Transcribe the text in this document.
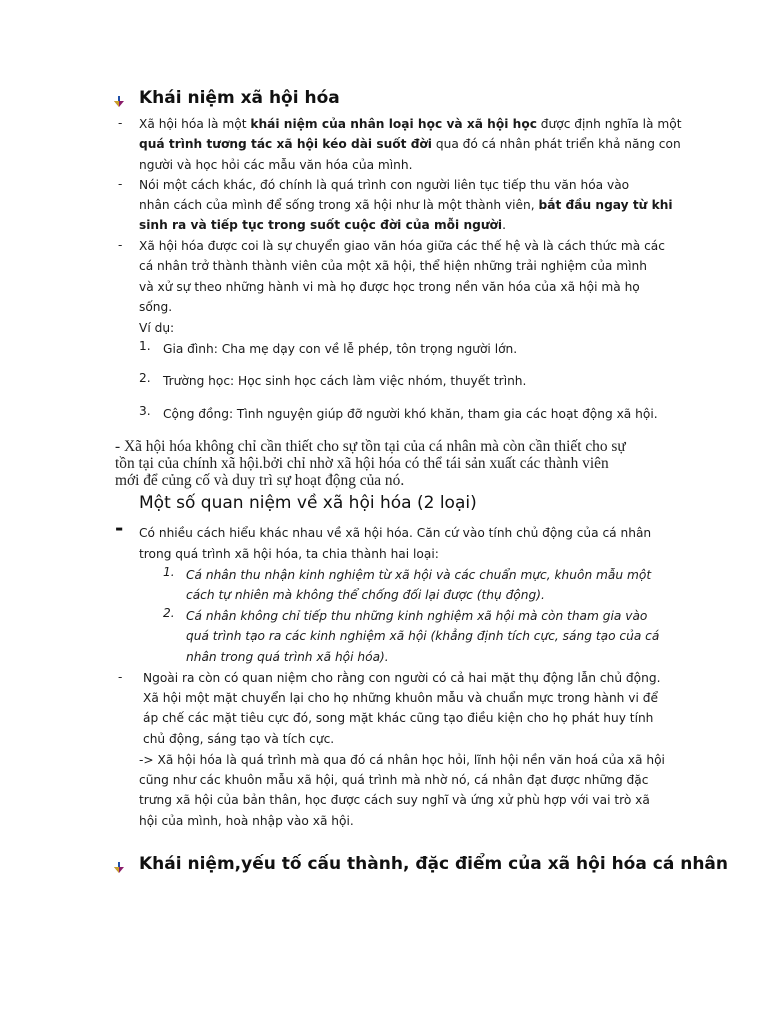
Khái niệm xã hội hóa
- Xã hội hóa là một khái niệm của nhân loại học và xã hội học được định nghĩa là một
quá trình tương tác xã hội kéo dài suốt đời qua đó cá nhân phát triển khả năng con
người và học hỏi các mẫu văn hóa của mình.
- Nói một cách khác, đó chính là quá trình con người liên tục tiếp thu văn hóa vào
nhân cách của mình để sống trong xã hội như là một thành viên, bắt đầu ngay từ khi
sinh ra và tiếp tục trong suốt cuộc đời của mỗi người.
- Xã hội hóa được coi là sự chuyển giao văn hóa giữa các thế hệ và là cách thức mà các
cá nhân trở thành thành viên của một xã hội, thể hiện những trải nghiệm của mình
và xử sự theo những hành vi mà họ được học trong nền văn hóa của xã hội mà họ
sống.
Ví dụ:
1. Gia đình: Cha mẹ dạy con về lễ phép, tôn trọng người lớn.
2. Trường học: Học sinh học cách làm việc nhóm, thuyết trình.
3. Cộng đồng: Tình nguyện giúp đỡ người khó khăn, tham gia các hoạt động xã hội.
- Xã hội hóa không chỉ cần thiết cho sự tồn tại của cá nhân mà còn cần thiết cho sự
tồn tại của chính xã hội.bởi chỉ nhờ xã hội hóa có thể tái sản xuất các thành viên
mới để củng cố và duy trì sự hoạt động của nó.
Một số quan niệm về xã hội hóa (2 loại)
- Có nhiều cách hiểu khác nhau về xã hội hóa. Căn cứ vào tính chủ động của cá nhân
trong quá trình xã hội hóa, ta chia thành hai loại:
1. Cá nhân thu nhận kinh nghiệm từ xã hội và các chuẩn mực, khuôn mẫu một
cách tự nhiên mà không thể chống đối lại được (thụ động).
2. Cá nhân không chỉ tiếp thu những kinh nghiệm xã hội mà còn tham gia vào
quá trình tạo ra các kinh nghiệm xã hội (khẳng định tích cực, sáng tạo của cá
nhân trong quá trình xã hội hóa).
- Ngoài ra còn có quan niệm cho rằng con người có cả hai mặt thụ động lẫn chủ động.
Xã hội một mặt chuyển lại cho họ những khuôn mẫu và chuẩn mực trong hành vi để
áp chế các mặt tiêu cực đó, song mặt khác cũng tạo điều kiện cho họ phát huy tính
chủ động, sáng tạo và tích cực.
-> Xã hội hóa là quá trình mà qua đó cá nhân học hỏi, lĩnh hội nền văn hoá của xã hội
cũng như các khuôn mẫu xã hội, quá trình mà nhờ nó, cá nhân đạt được những đặc
trưng xã hội của bản thân, học được cách suy nghĩ và ứng xử phù hợp với vai trò xã
hội của mình, hoà nhập vào xã hội.
Khái niệm,yếu tố cấu thành, đặc điểm của xã hội hóa cá nhân
